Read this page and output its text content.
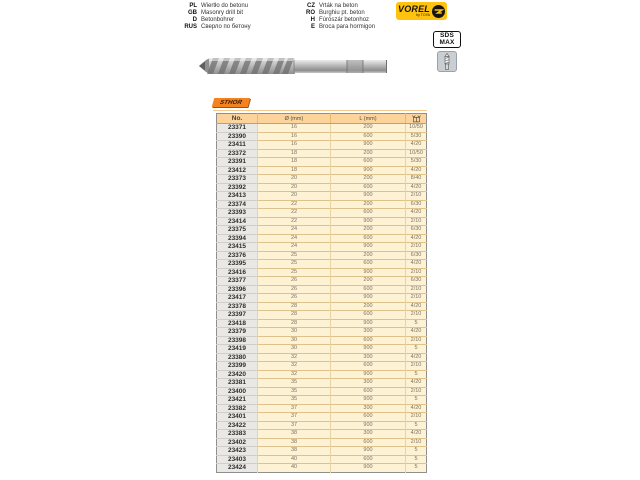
PL Wiertło do betonu
GB Masonry drill bit
D Betonbohrer
RUS Сверло по бетону
CZ Vrták na beton
RO Burghiu pt. beton
H Fúrószár betonhoz
E Broca para hormigon
VOREL
by TOYA
SDS
MAX
STHOR
No.	Ø (mm)	L (mm)	
23371	16	200	10/50
23390	16	600	5/30
23411	16	900	4/20
23372	18	200	10/50
23391	18	600	5/30
23412	18	900	4/20
23373	20	200	8/40
23392	20	600	4/20
23413	20	900	2/10
23374	22	200	6/30
23393	22	600	4/20
23414	22	900	2/10
23375	24	200	6/30
23394	24	600	4/20
23415	24	900	2/10
23376	25	200	6/30
23395	25	600	4/20
23416	25	900	2/10
23377	26	200	6/30
23396	26	600	2/10
23417	26	900	2/10
23378	28	200	4/20
23397	28	600	2/10
23418	28	900	5
23379	30	300	4/20
23398	30	600	2/10
23419	30	900	5
23380	32	300	4/20
23399	32	600	2/10
23420	32	900	5
23381	35	300	4/20
23400	35	600	2/10
23421	35	900	5
23382	37	300	4/20
23401	37	600	2/10
23422	37	900	5
23383	38	300	4/20
23402	38	600	2/10
23423	38	900	5
23403	40	600	5
23424	40	900	5
